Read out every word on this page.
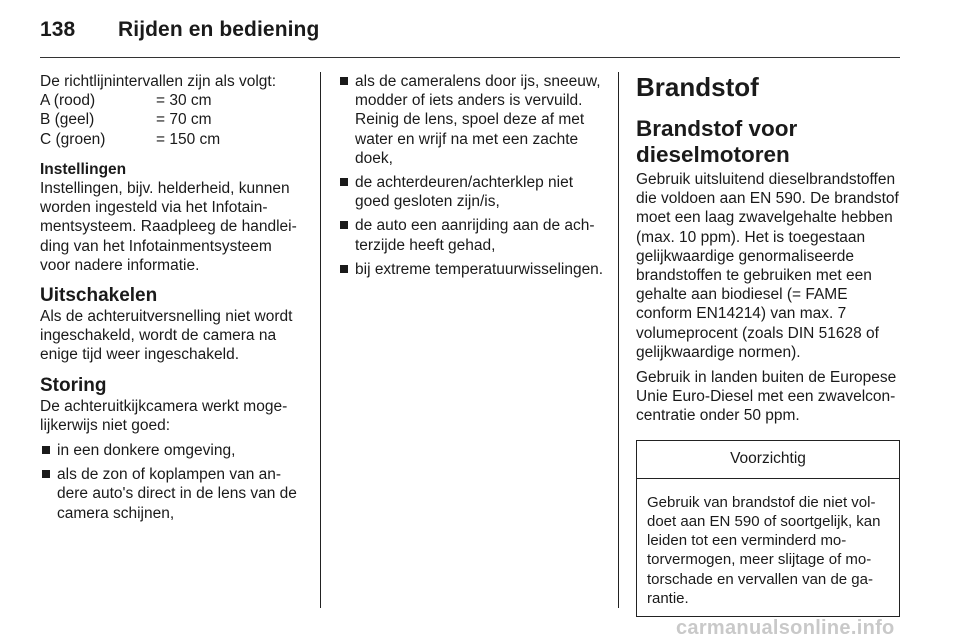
138 Rijden en bediening

De richtlijnintervallen zijn als volgt:

A (rood)	= 30 cm
B (geel)	= 70 cm
C (groen)	= 150 cm

Instellingen

Instellingen, bijv. helderheid, kunnen worden ingesteld via het Infotainmentsysteem. Raadpleeg de handleiding van het Infotainmentsysteem voor nadere informatie.

Uitschakelen

Als de achteruitversnelling niet wordt ingeschakeld, wordt de camera na enige tijd weer ingeschakeld.

Storing

De achteruitkijkcamera werkt mogelijkerwijs niet goed:

in een donkere omgeving,
als de zon of koplampen van andere auto's direct in de lens van de camera schijnen,
als de cameralens door ijs, sneeuw, modder of iets anders is vervuild. Reinig de lens, spoel deze af met water en wrijf na met een zachte doek,
de achterdeuren/achterklep niet goed gesloten zijn/is,
de auto een aanrijding aan de achterzijde heeft gehad,
bij extreme temperatuurwisselingen.

Brandstof

Brandstof voor dieselmotoren

Gebruik uitsluitend dieselbrandstoffen die voldoen aan EN 590. De brandstof moet een laag zwavelgehalte hebben (max. 10 ppm). Het is toegestaan gelijkwaardige genormaliseerde brandstoffen te gebruiken met een gehalte aan biodiesel (= FAME conform EN14214) van max. 7 volumeprocent (zoals DIN 51628 of gelijkwaardige normen).

Gebruik in landen buiten de Europese Unie Euro-Diesel met een zwavelconcentratie onder 50 ppm.

Voorzichtig
Gebruik van brandstof die niet voldoet aan EN 590 of soortgelijk, kan leiden tot een verminderd motorvermogen, meer slijtage of motorschade en vervallen van de garantie.
carmanualsonline.info
